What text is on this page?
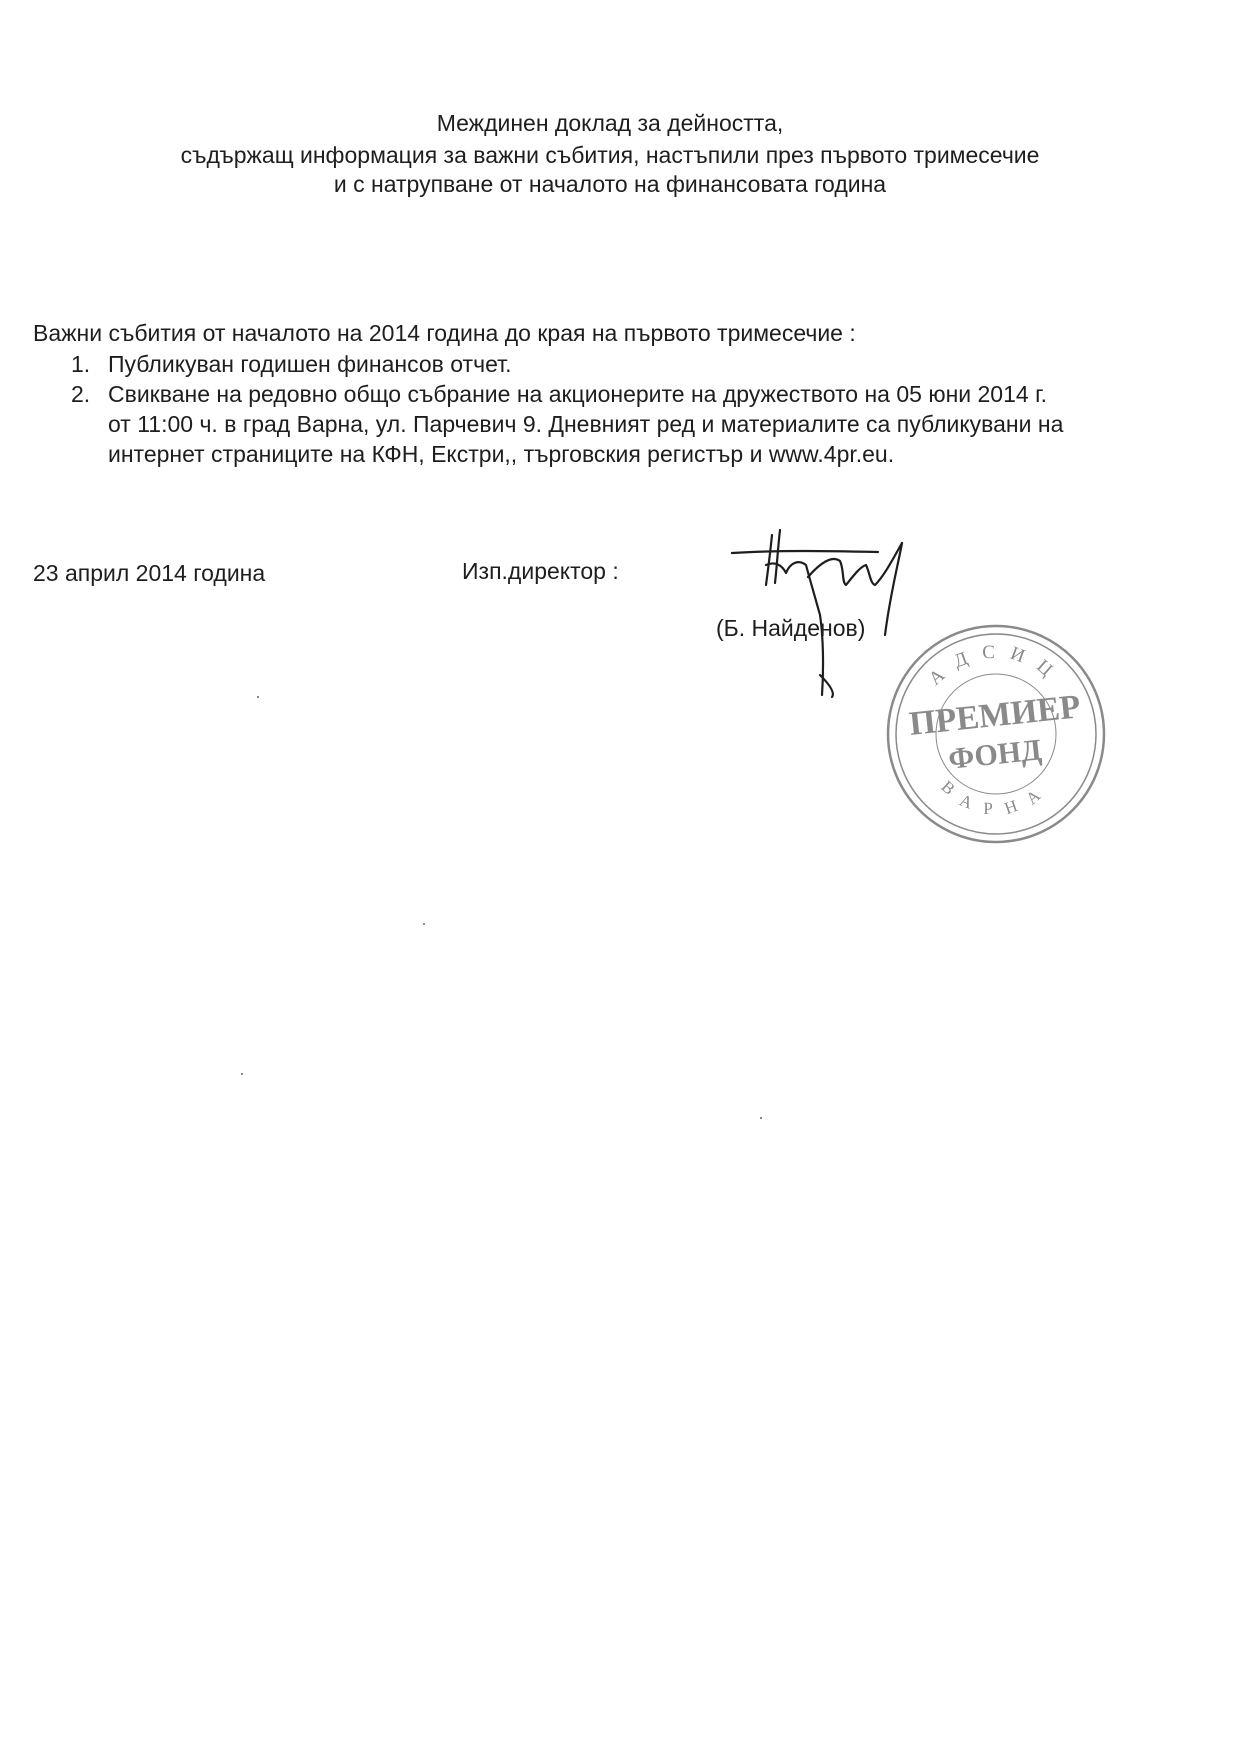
Междинен доклад за дейността,
съдържащ информация за важни събития, настъпили през първото тримесечие
и с натрупване от началото на финансовата година
Важни събития от началото на 2014 година до края на първото тримесечие :
1. Публикуван годишен финансов отчет.
2. Свикване на редовно общо събрание на акционерите на дружеството на 05 юни 2014 г.
от 11:00 ч. в град Варна, ул. Парчевич 9. Дневният ред и материалите са публикувани на
интернет страниците на КФН, Екстри,, търговския регистър и www.4pr.eu.
23 април 2014 година	Изп.директор :
(Б. Найденов)
АДСИЦ
ПРЕМИЕР
ФОНД
ВАРНА
